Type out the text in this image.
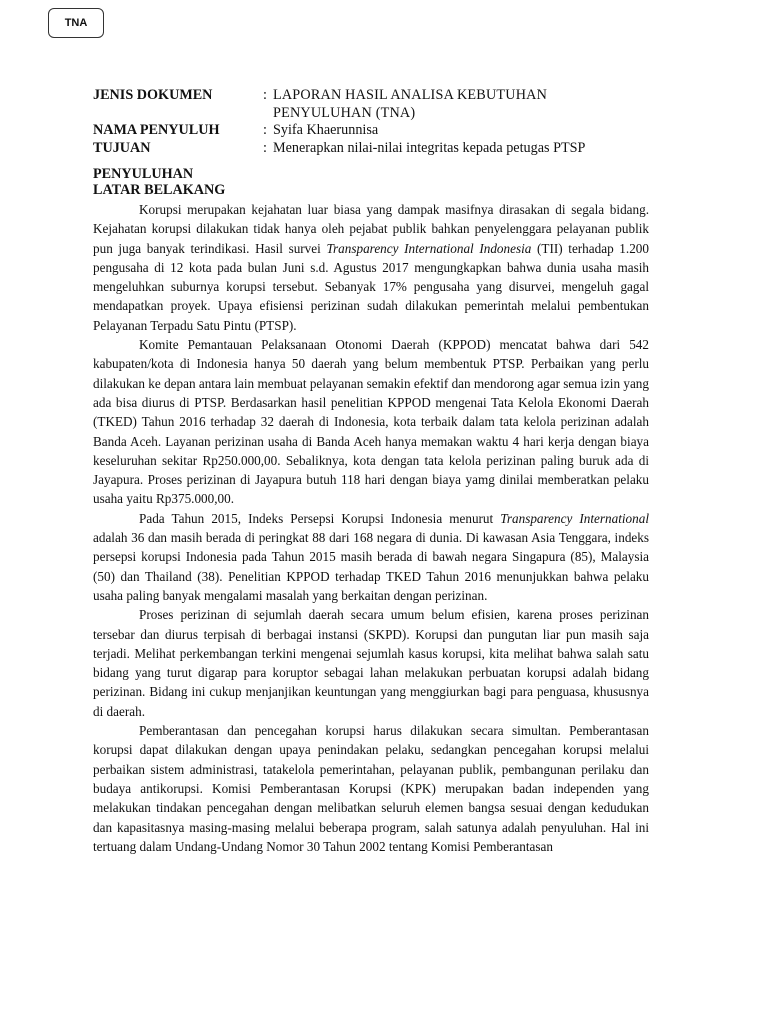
TNA
JENIS DOKUMEN	: LAPORAN HASIL ANALISA KEBUTUHAN
PENYULUHAN (TNA)
NAMA PENYULUH	: Syifa Khaerunnisa
TUJUAN	: Menerapkan nilai-nilai integritas kepada petugas PTSP
PENYULUHAN
LATAR BELAKANG

Korupsi merupakan kejahatan luar biasa yang dampak masifnya dirasakan di segala bidang. Kejahatan korupsi dilakukan tidak hanya oleh pejabat publik bahkan penyelenggara pelayanan publik pun juga banyak terindikasi. Hasil survei Transparency International Indonesia (TII) terhadap 1.200 pengusaha di 12 kota pada bulan Juni s.d. Agustus 2017 mengungkapkan bahwa dunia usaha masih mengeluhkan suburnya korupsi tersebut. Sebanyak 17% pengusaha yang disurvei, mengeluh gagal mendapatkan proyek. Upaya efisiensi perizinan sudah dilakukan pemerintah melalui pembentukan Pelayanan Terpadu Satu Pintu (PTSP).

Komite Pemantauan Pelaksanaan Otonomi Daerah (KPPOD) mencatat bahwa dari 542 kabupaten/kota di Indonesia hanya 50 daerah yang belum membentuk PTSP. Perbaikan yang perlu dilakukan ke depan antara lain membuat pelayanan semakin efektif dan mendorong agar semua izin yang ada bisa diurus di PTSP. Berdasarkan hasil penelitian KPPOD mengenai Tata Kelola Ekonomi Daerah (TKED) Tahun 2016 terhadap 32 daerah di Indonesia, kota terbaik dalam tata kelola perizinan adalah Banda Aceh. Layanan perizinan usaha di Banda Aceh hanya memakan waktu 4 hari kerja dengan biaya keseluruhan sekitar Rp250.000,00. Sebaliknya, kota dengan tata kelola perizinan paling buruk ada di Jayapura. Proses perizinan di Jayapura butuh 118 hari dengan biaya yamg dinilai memberatkan pelaku usaha yaitu Rp375.000,00.

Pada Tahun 2015, Indeks Persepsi Korupsi Indonesia menurut Transparency International adalah 36 dan masih berada di peringkat 88 dari 168 negara di dunia. Di kawasan Asia Tenggara, indeks persepsi korupsi Indonesia pada Tahun 2015 masih berada di bawah negara Singapura (85), Malaysia (50) dan Thailand (38). Penelitian KPPOD terhadap TKED Tahun 2016 menunjukkan bahwa pelaku usaha paling banyak mengalami masalah yang berkaitan dengan perizinan.

Proses perizinan di sejumlah daerah secara umum belum efisien, karena proses perizinan tersebar dan diurus terpisah di berbagai instansi (SKPD). Korupsi dan pungutan liar pun masih saja terjadi. Melihat perkembangan terkini mengenai sejumlah kasus korupsi, kita melihat bahwa salah satu bidang yang turut digarap para koruptor sebagai lahan melakukan perbuatan korupsi adalah bidang perizinan. Bidang ini cukup menjanjikan keuntungan yang menggiurkan bagi para penguasa, khususnya di daerah.

Pemberantasan dan pencegahan korupsi harus dilakukan secara simultan. Pemberantasan korupsi dapat dilakukan dengan upaya penindakan pelaku, sedangkan pencegahan korupsi melalui perbaikan sistem administrasi, tatakelola pemerintahan, pelayanan publik, pembangunan perilaku dan budaya antikorupsi. Komisi Pemberantasan Korupsi (KPK) merupakan badan independen yang melakukan tindakan pencegahan dengan melibatkan seluruh elemen bangsa sesuai dengan kedudukan dan kapasitasnya masing-masing melalui beberapa program, salah satunya adalah penyuluhan. Hal ini tertuang dalam Undang-Undang Nomor 30 Tahun 2002 tentang Komisi Pemberantasan
